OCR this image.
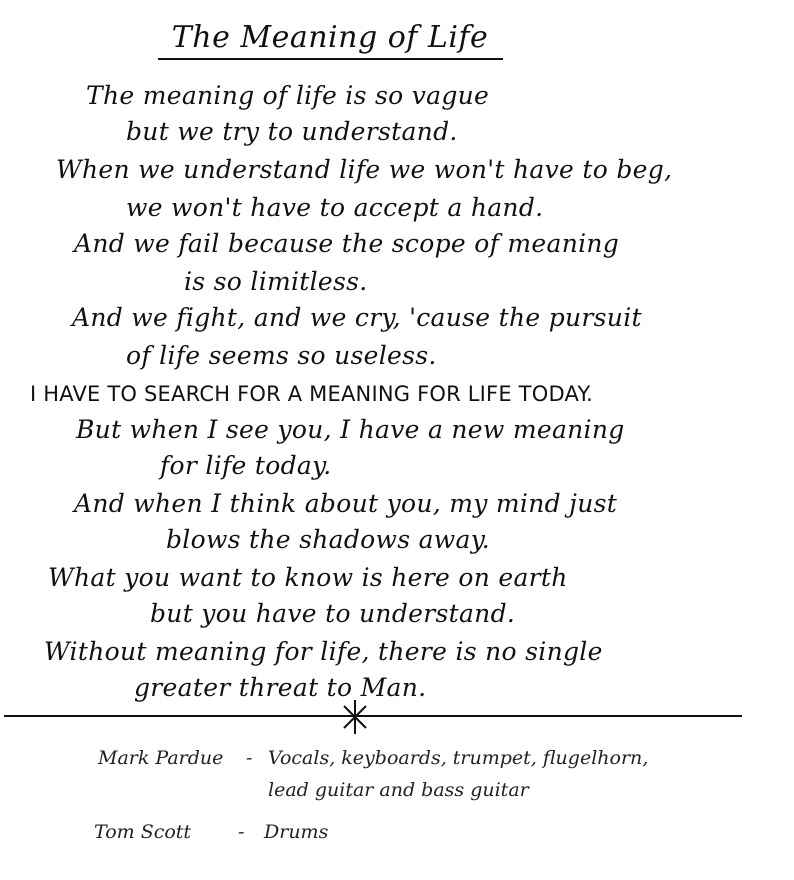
The Meaning of Life
The meaning of life is so vague
but we try to understand.
When we understand life we won't have to beg,
we won't have to accept a hand.
And we fail because the scope of meaning
is so limitless.
And we fight, and we cry, 'cause the pursuit
of life seems so useless.
I HAVE TO SEARCH FOR A MEANING FOR LIFE TODAY.
But when I see you, I have a new meaning
for life today.
And when I think about you, my mind just
blows the shadows away.
What you want to know is here on earth
but you have to understand.
Without meaning for life, there is no single
greater threat to Man.
Mark Pardue - Vocals, keyboards, trumpet, flugelhorn,
lead guitar and bass guitar
Tom Scott - Drums
